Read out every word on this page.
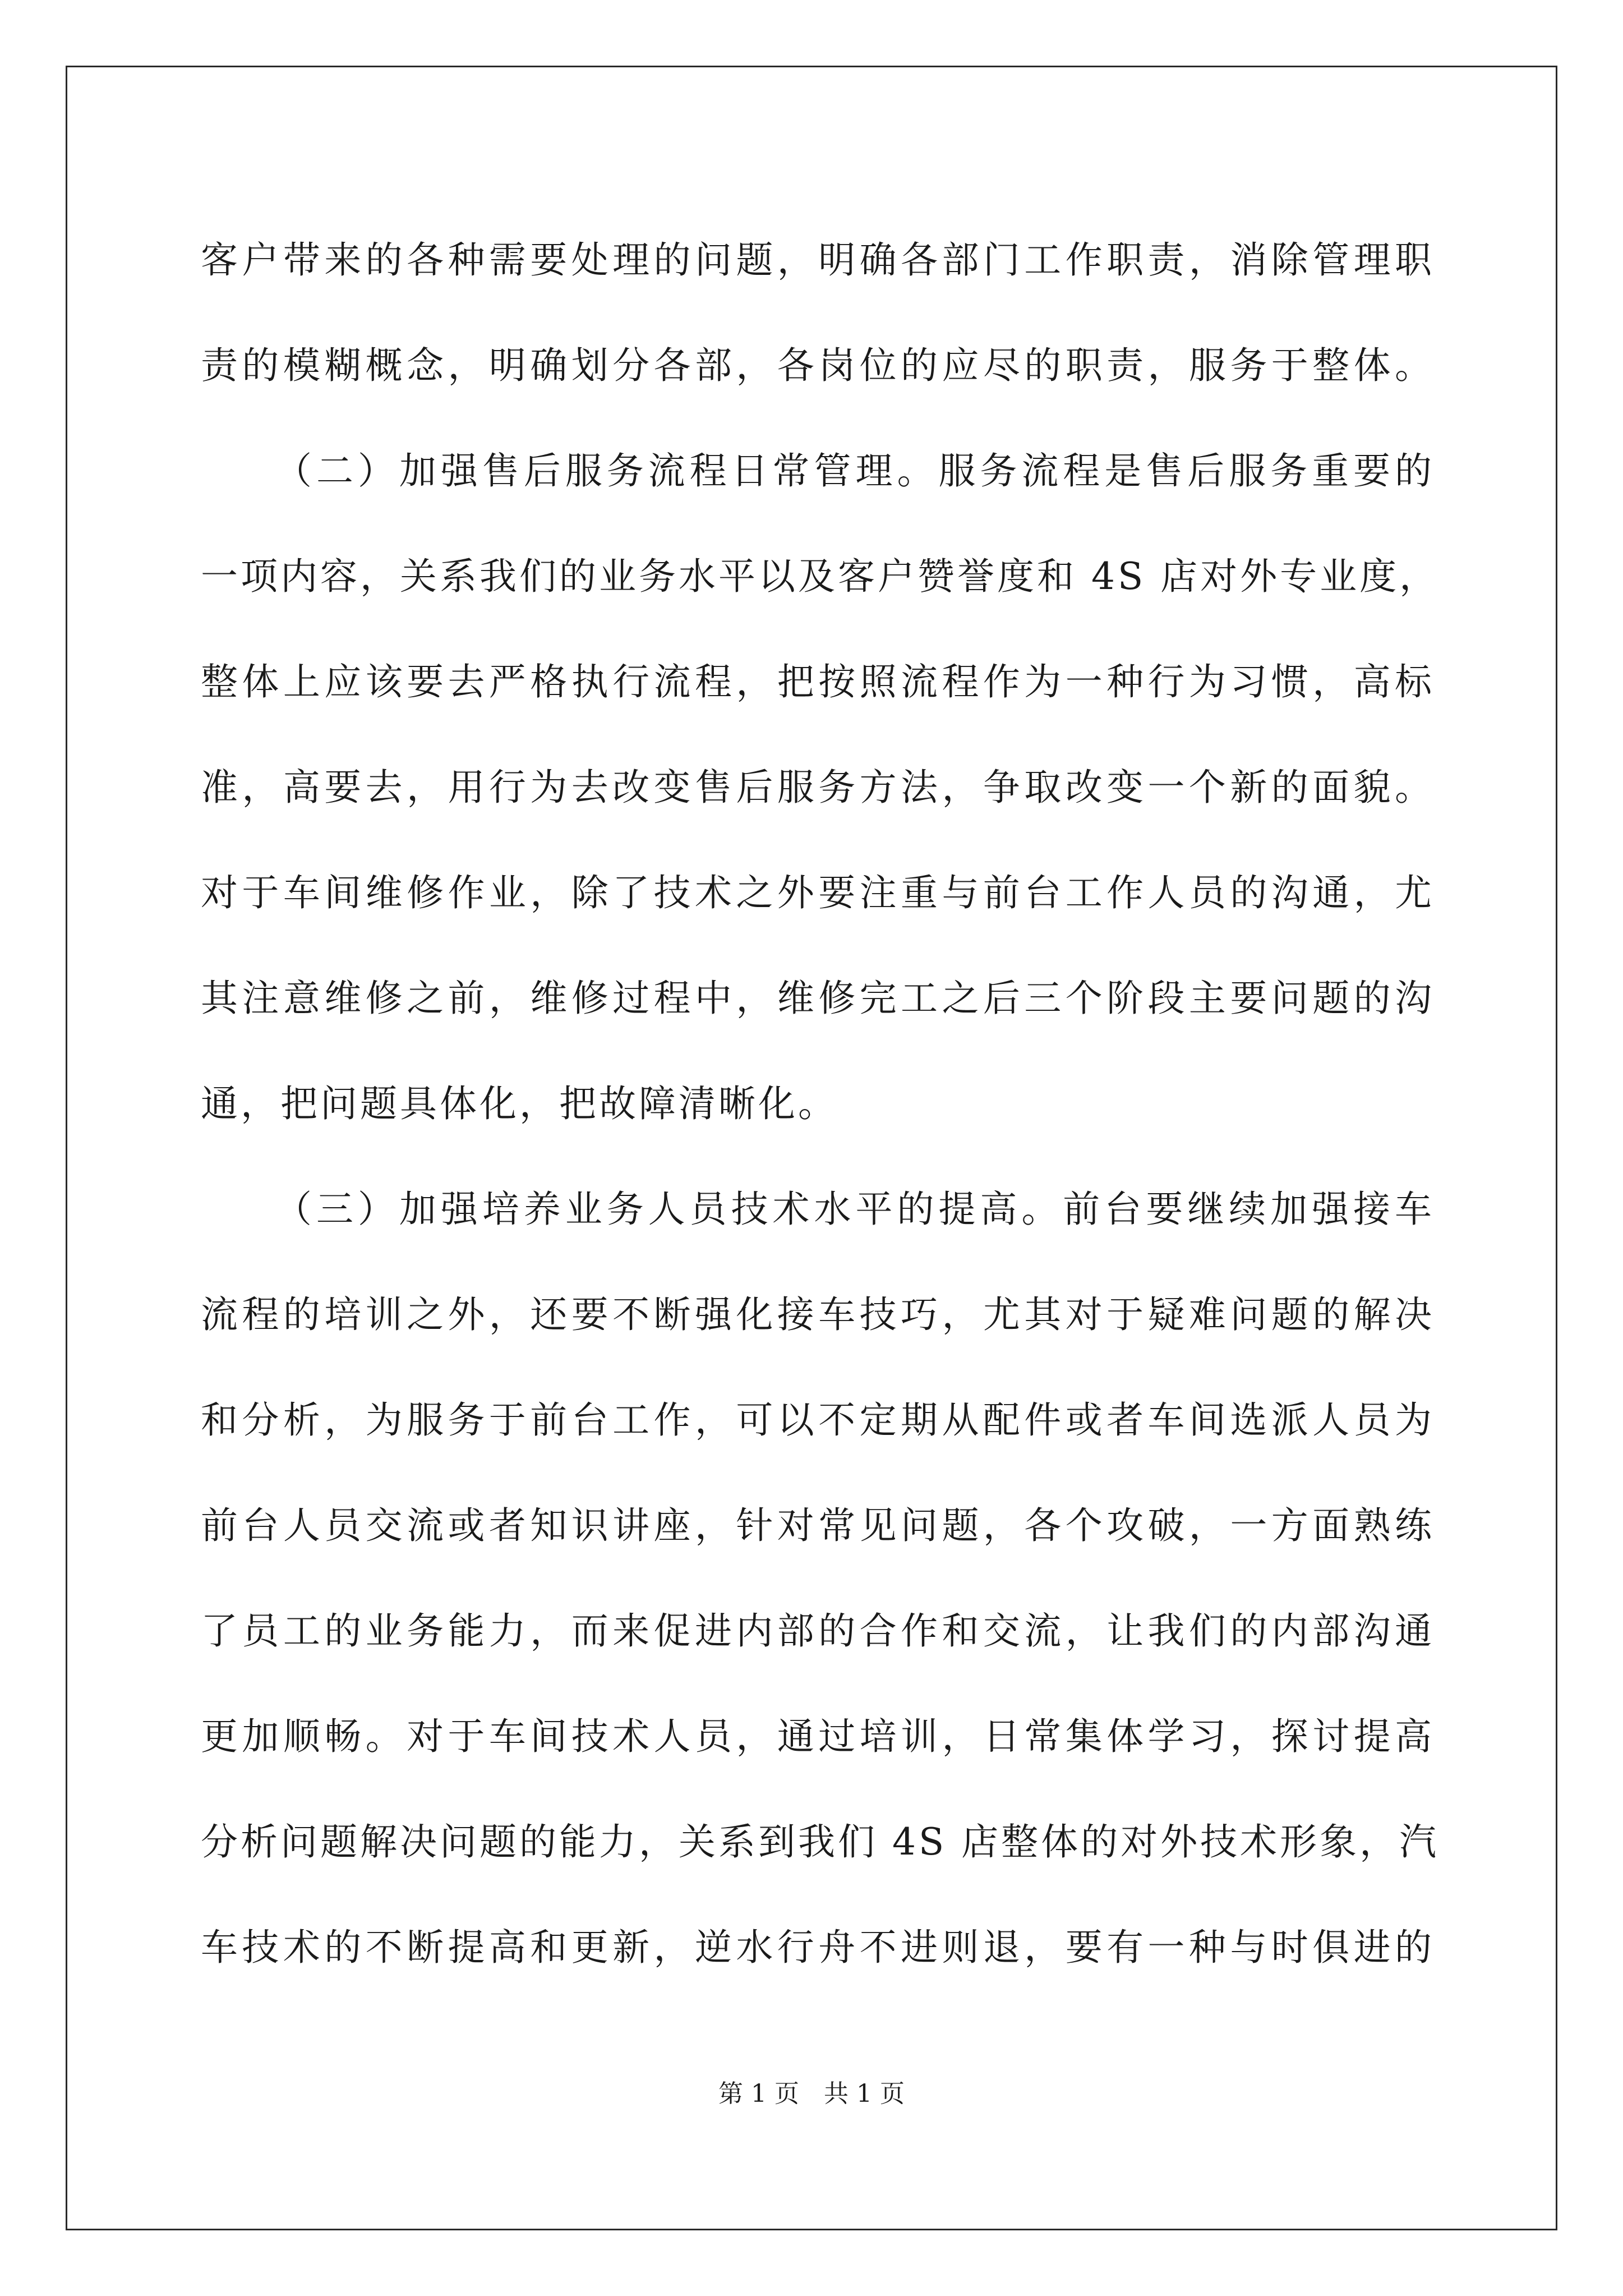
客户带来的各种需要处理的问题，明确各部门工作职责，消除管理职
责的模糊概念，明确划分各部，各岗位的应尽的职责，服务于整体。
（二）加强售后服务流程日常管理。服务流程是售后服务重要的
一项内容，关系我们的业务水平以及客户赞誉度和 4S 店对外专业度，
整体上应该要去严格执行流程，把按照流程作为一种行为习惯，高标
准，高要去，用行为去改变售后服务方法，争取改变一个新的面貌。
对于车间维修作业，除了技术之外要注重与前台工作人员的沟通，尤
其注意维修之前，维修过程中，维修完工之后三个阶段主要问题的沟
通，把问题具体化，把故障清晰化。
（三）加强培养业务人员技术水平的提高。前台要继续加强接车
流程的培训之外，还要不断强化接车技巧，尤其对于疑难问题的解决
和分析，为服务于前台工作，可以不定期从配件或者车间选派人员为
前台人员交流或者知识讲座，针对常见问题，各个攻破，一方面熟练
了员工的业务能力，而来促进内部的合作和交流，让我们的内部沟通
更加顺畅。对于车间技术人员，通过培训，日常集体学习，探讨提高
分析问题解决问题的能力，关系到我们 4S 店整体的对外技术形象，汽
车技术的不断提高和更新，逆水行舟不进则退，要有一种与时俱进的
第 1 页 共 1 页
